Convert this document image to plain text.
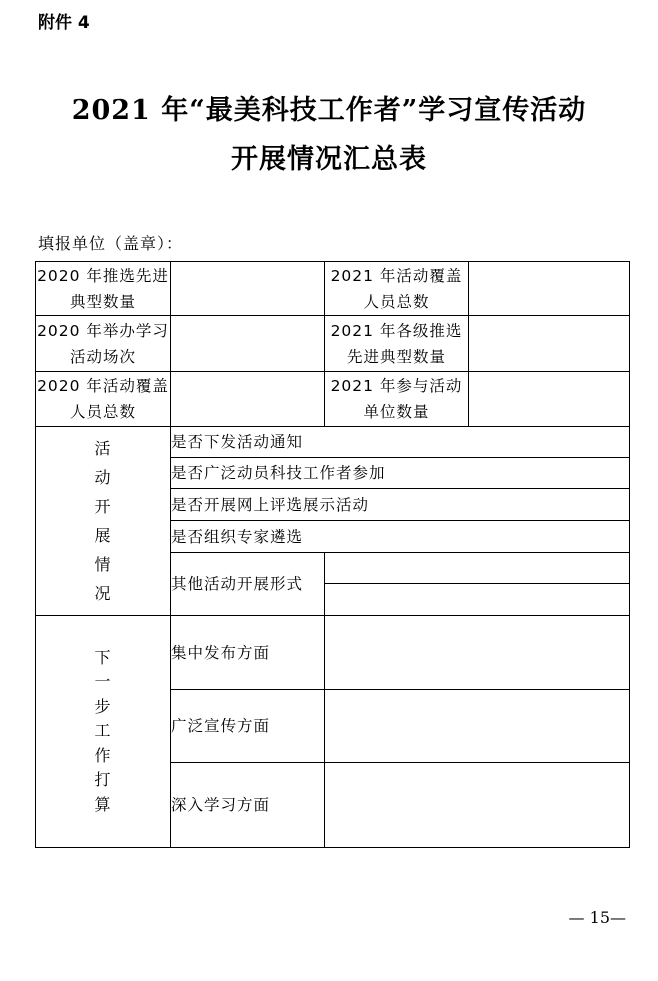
附件 4
2021 年“最美科技工作者”学习宣传活动
开展情况汇总表
填报单位（盖章）：
2020 年推选先进典型数量		2021 年活动覆盖人员总数	
2020 年举办学习活动场次		2021 年各级推选先进典型数量	
2020 年活动覆盖人员总数		2021 年参与活动单位数量	

活动开展情况	是否下发活动通知		
	是否广泛动员科技工作者参加		
	是否开展网上评选展示活动		
	是否组织专家遴选		
	其他活动开展形式		

下一步工作打算	集中发布方面		
	广泛宣传方面		
	深入学习方面		
— 15—
